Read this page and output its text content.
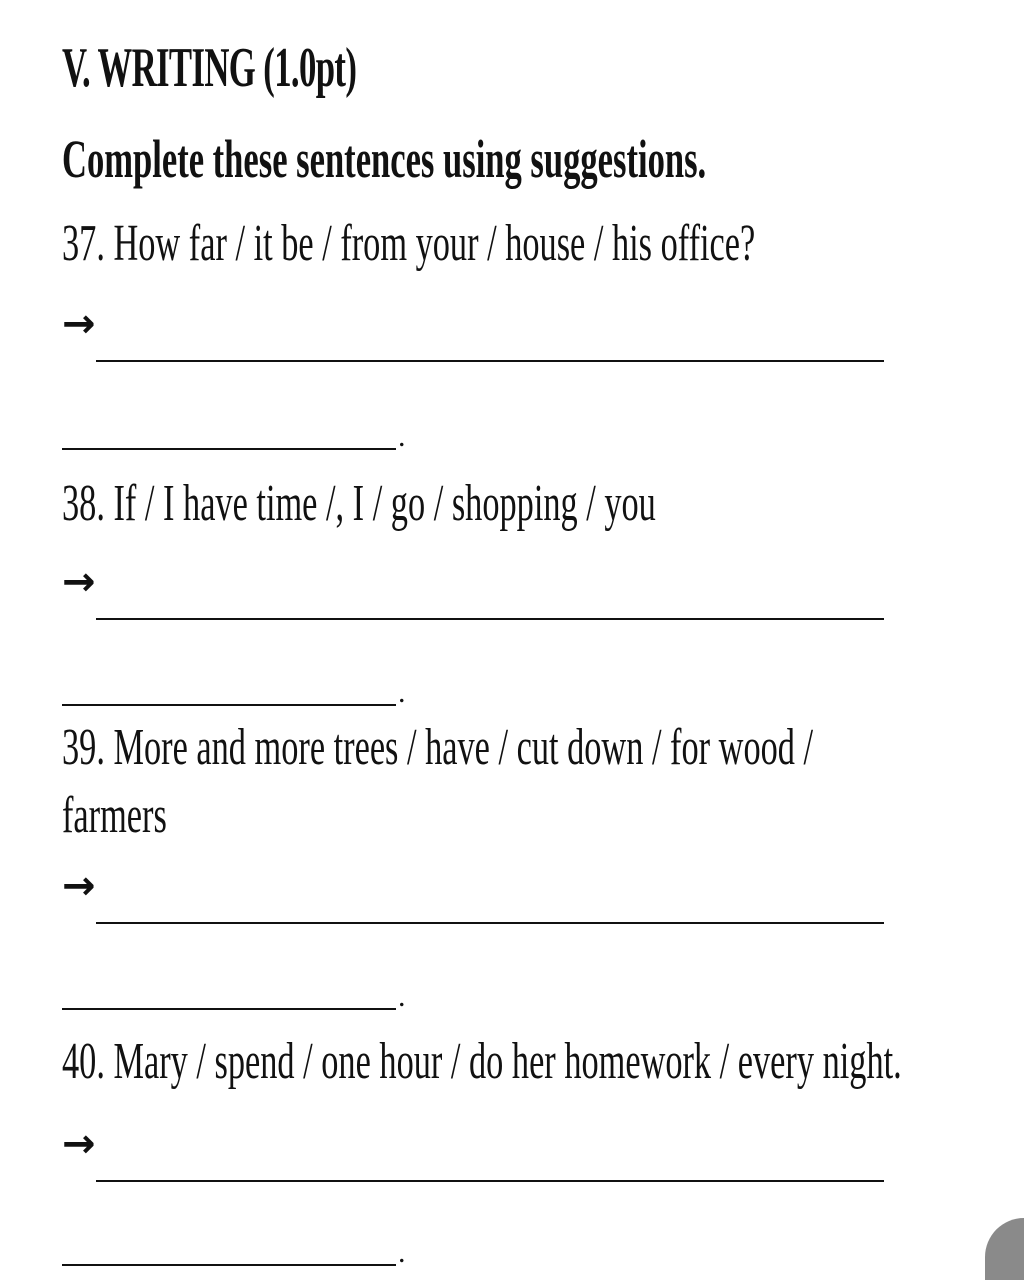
V. WRITING (1.0pt)
Complete these sentences using suggestions.
37. How far / it be / from your / house / his office?
→
.
38. If / I have time /, I / go / shopping / you
→
.
39. More and more trees / have / cut down / for wood /
farmers
→
.
40. Mary / spend / one hour / do her homework / every night.
→
.
